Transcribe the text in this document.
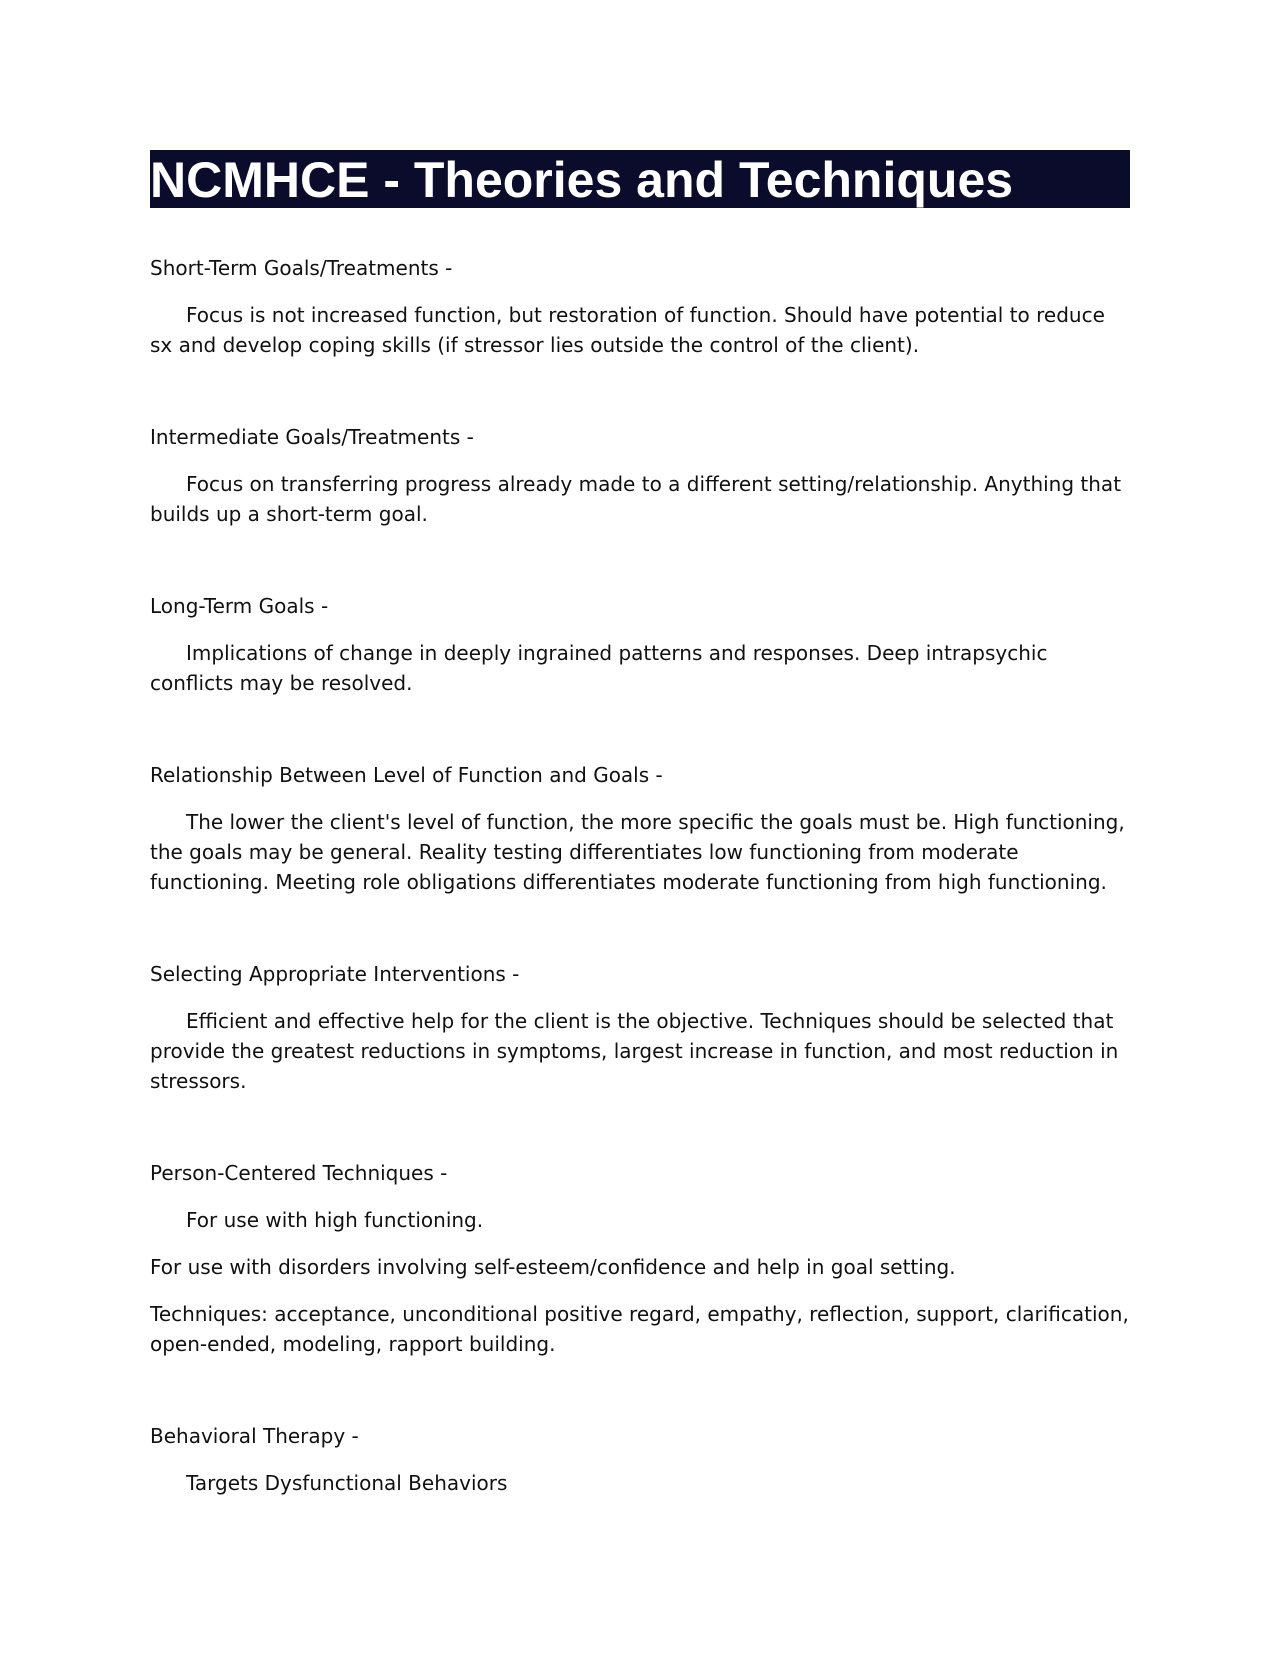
NCMHCE - Theories and Techniques

Short-Term Goals/Treatments -

Focus is not increased function, but restoration of function. Should have potential to reduce sx and develop coping skills (if stressor lies outside the control of the client).

Intermediate Goals/Treatments -

Focus on transferring progress already made to a different setting/relationship. Anything that builds up a short-term goal.

Long-Term Goals -

Implications of change in deeply ingrained patterns and responses. Deep intrapsychic conflicts may be resolved.

Relationship Between Level of Function and Goals -

The lower the client's level of function, the more specific the goals must be. High functioning, the goals may be general. Reality testing differentiates low functioning from moderate functioning. Meeting role obligations differentiates moderate functioning from high functioning.

Selecting Appropriate Interventions -

Efficient and effective help for the client is the objective. Techniques should be selected that provide the greatest reductions in symptoms, largest increase in function, and most reduction in stressors.

Person-Centered Techniques -

For use with high functioning.

For use with disorders involving self-esteem/confidence and help in goal setting.

Techniques: acceptance, unconditional positive regard, empathy, reflection, support, clarification, open-ended, modeling, rapport building.

Behavioral Therapy -

Targets Dysfunctional Behaviors
